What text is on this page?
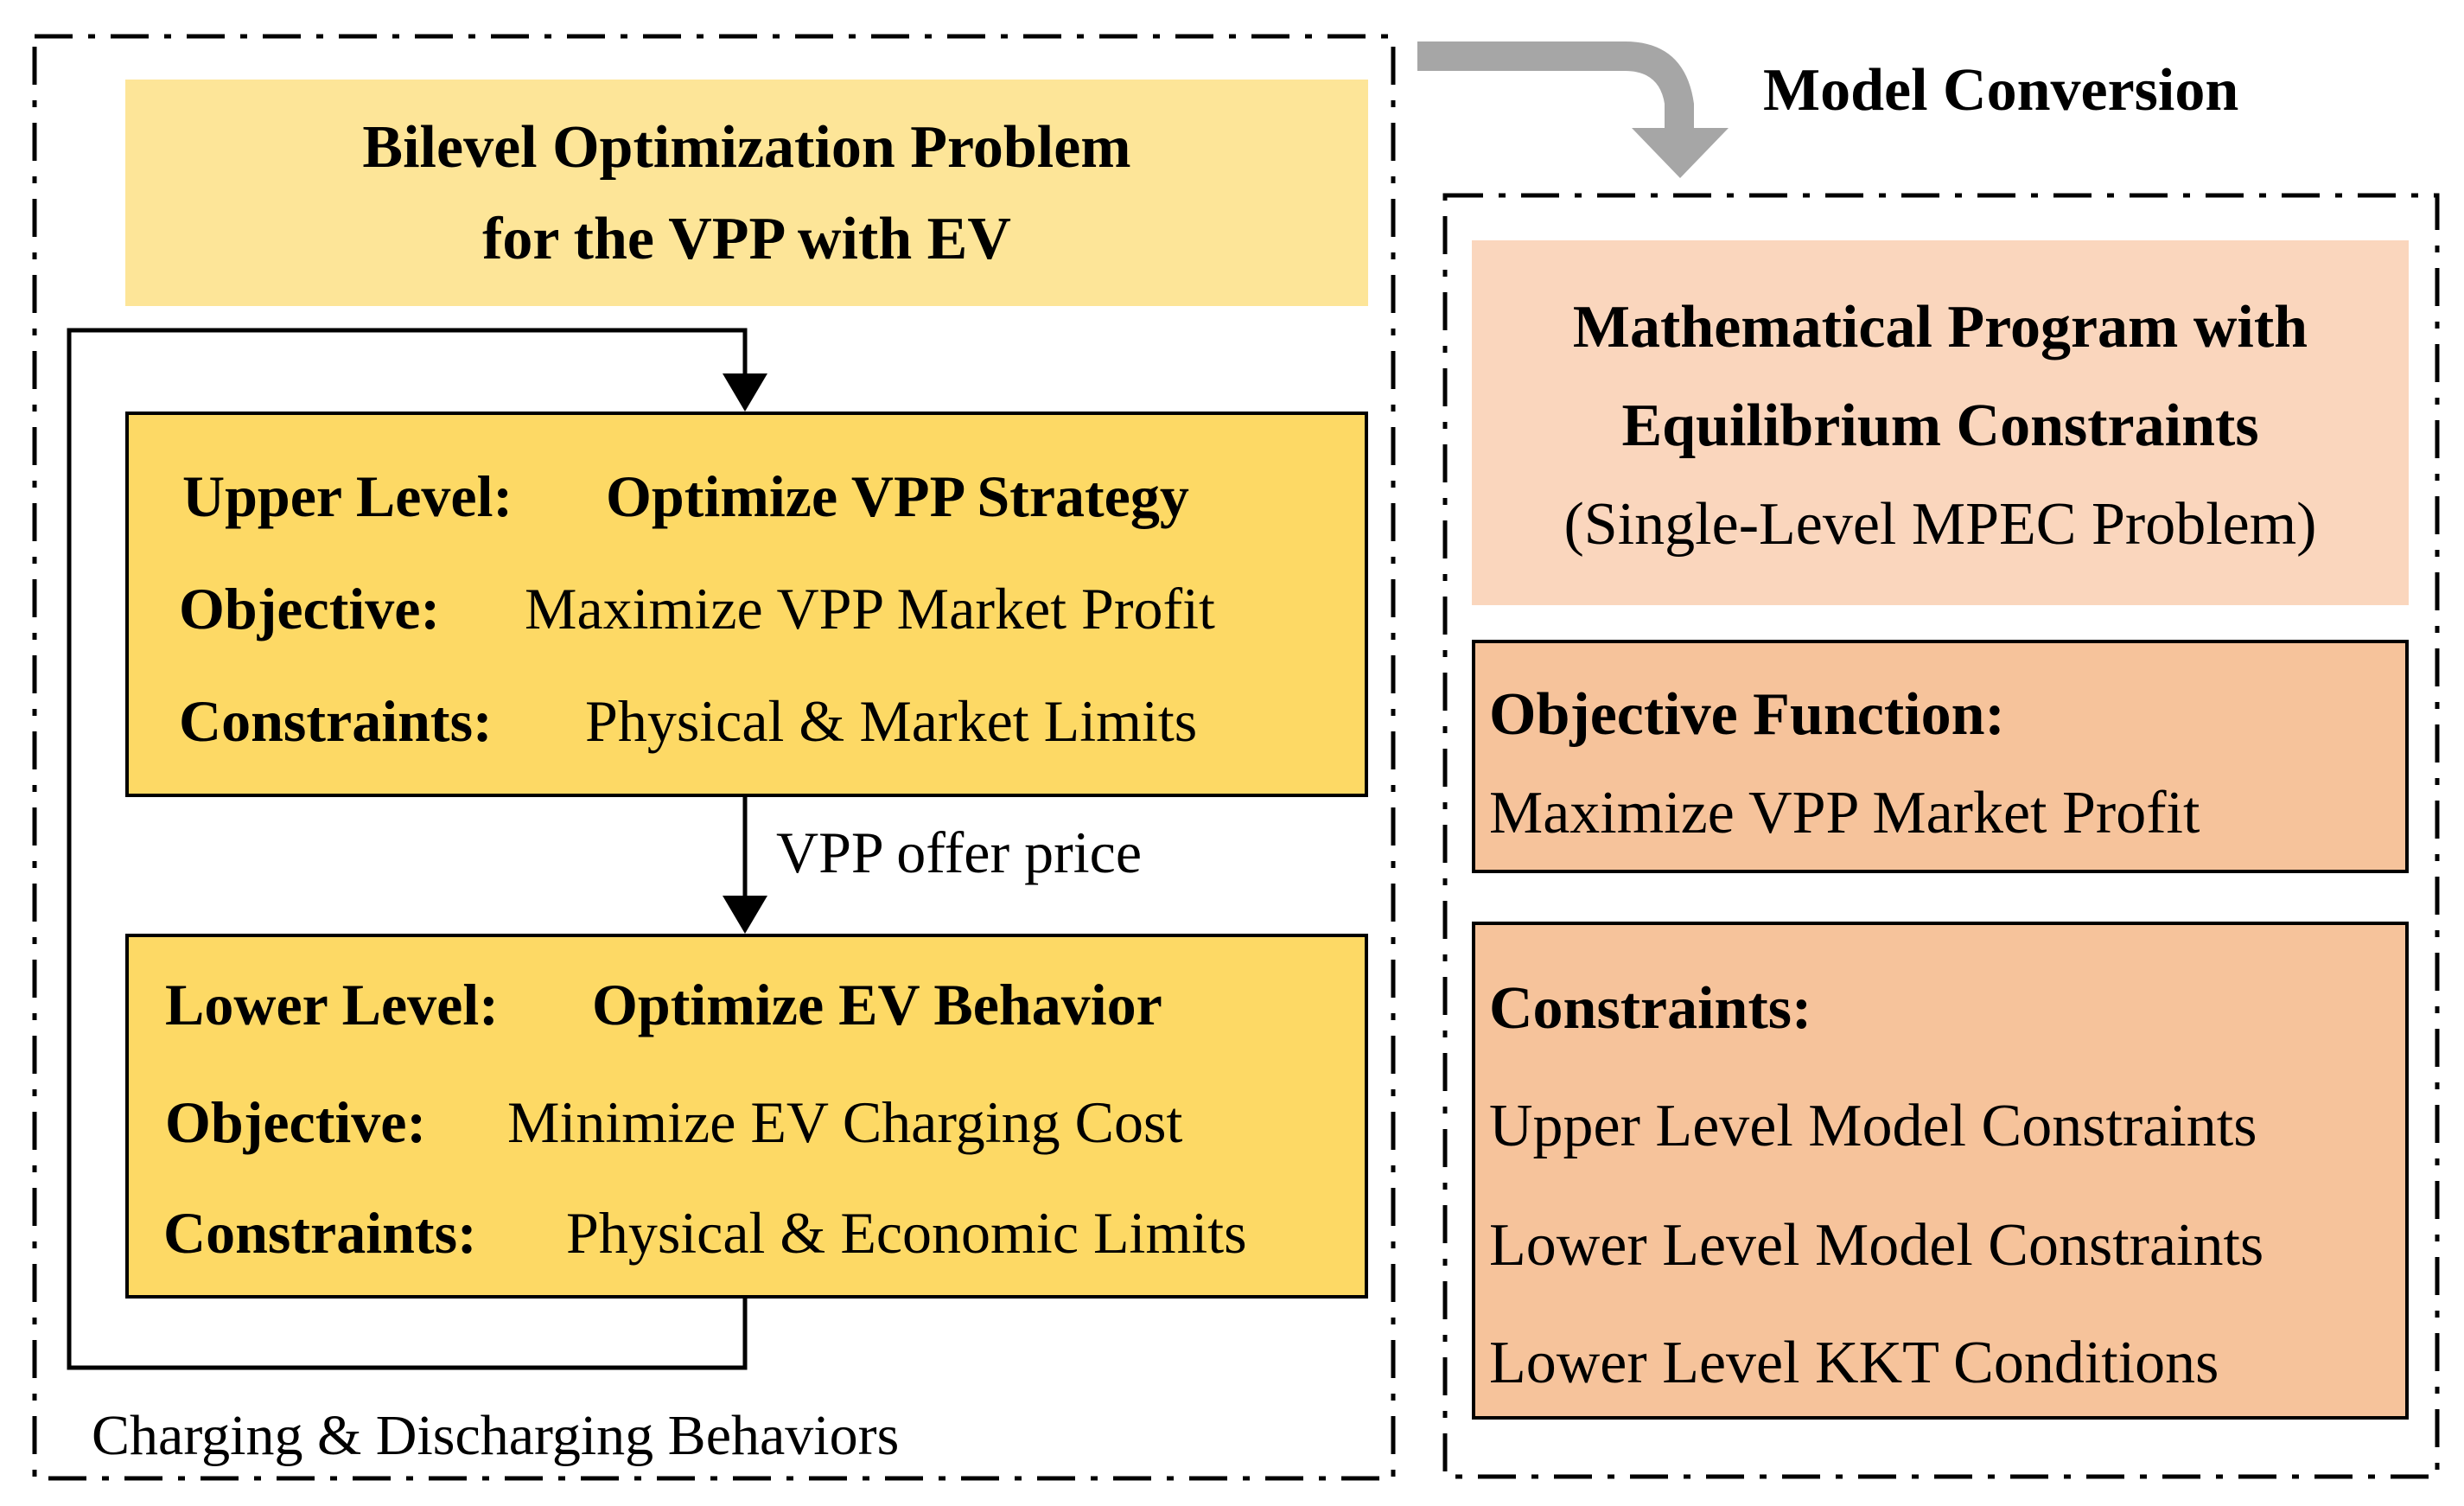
Bilevel Optimization Problem
for the VPP with EV
Upper Level: Optimize VPP Strategy
Objective: Maximize VPP Market Profit
Constraints: Physical & Market Limits
VPP offer price
Lower Level: Optimize EV Behavior
Objective: Minimize EV Charging Cost
Constraints: Physical & Economic Limits
Charging & Discharging Behaviors
Model Conversion
Mathematical Program with
Equilibrium Constraints
(Single-Level MPEC Problem)
Objective Function:
Maximize VPP Market Profit
Constraints:
Upper Level Model Constraints
Lower Level Model Constraints
Lower Level KKT Conditions
